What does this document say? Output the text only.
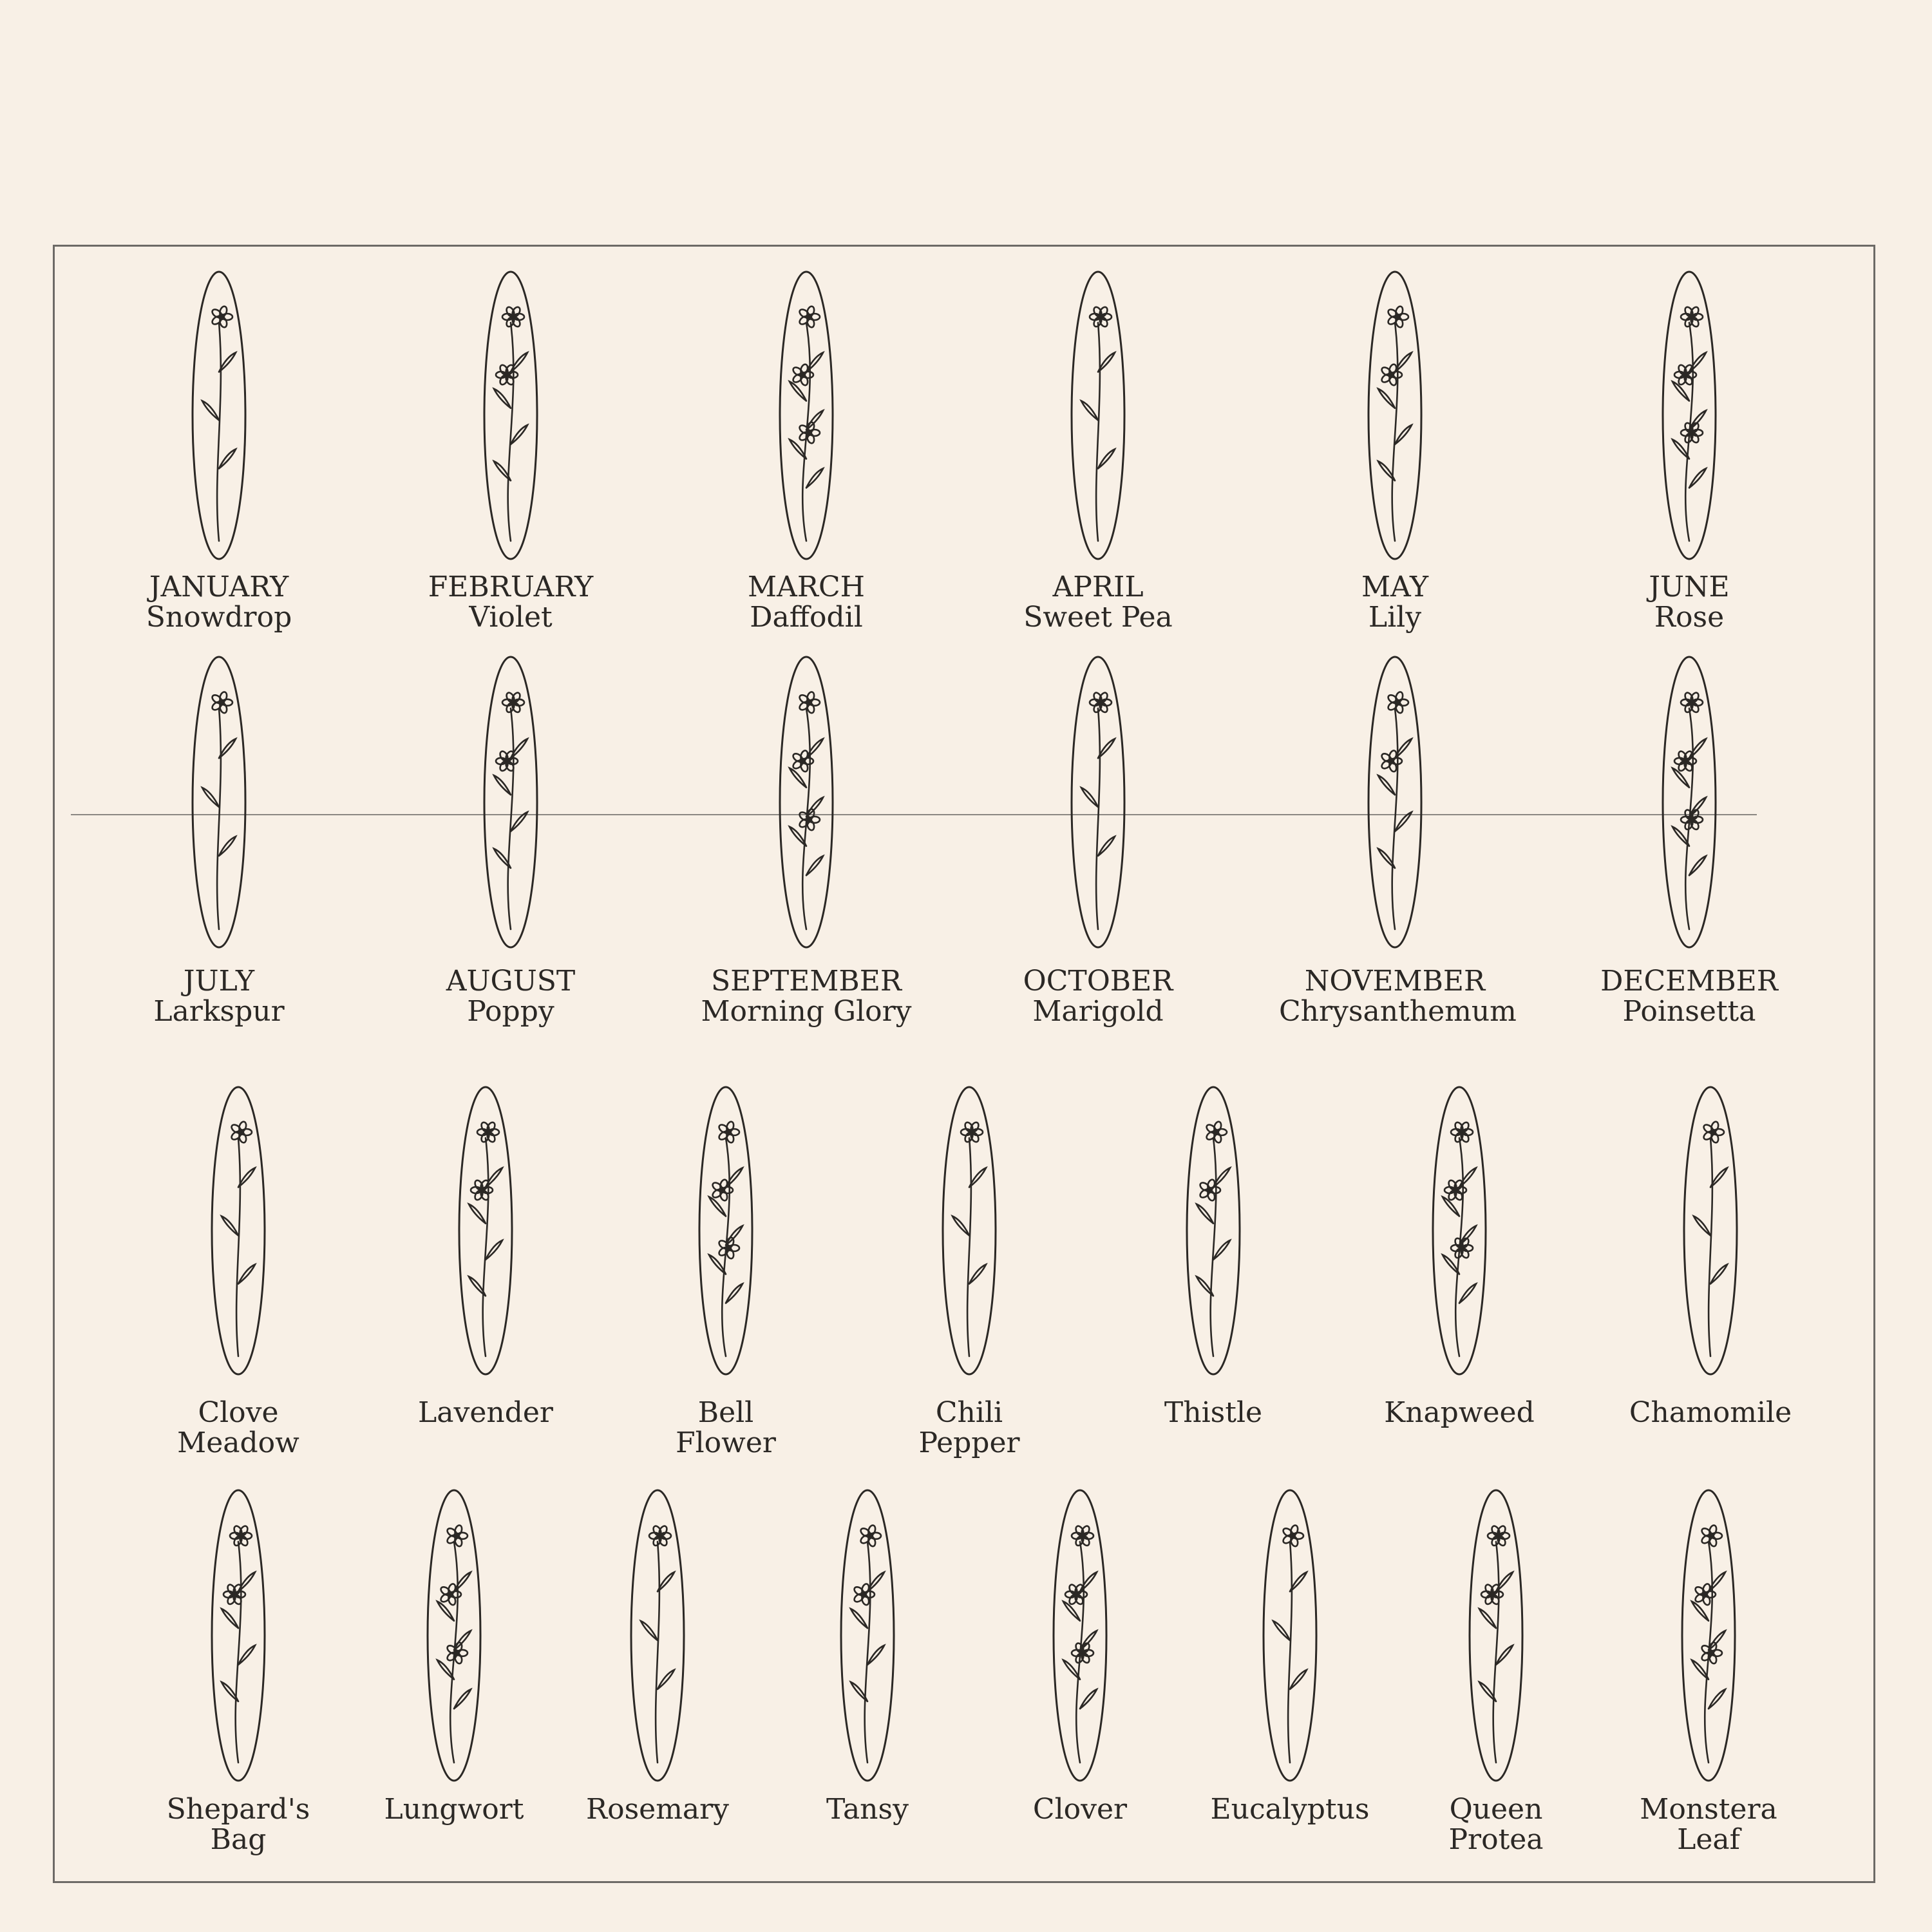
JANUARY
Snowdrop
FEBRUARY
Violet
MARCH
Daffodil
APRIL
Sweet Pea
MAY
Lily
JUNE
Rose
JULY
Larkspur
AUGUST
Poppy
SEPTEMBER
Morning Glory
OCTOBER
Marigold
NOVEMBER
Chrysanthemum
DECEMBER
Poinsetta
Clove
Meadow
Lavender	Bell
Flower
Chili
Pepper
Thistle	Knapweed	Chamomile
Shepard's
Bag
Lungwort	Rosemary	Tansy	Clover	Eucalyptus	Queen
Protea
Monstera
Leaf
